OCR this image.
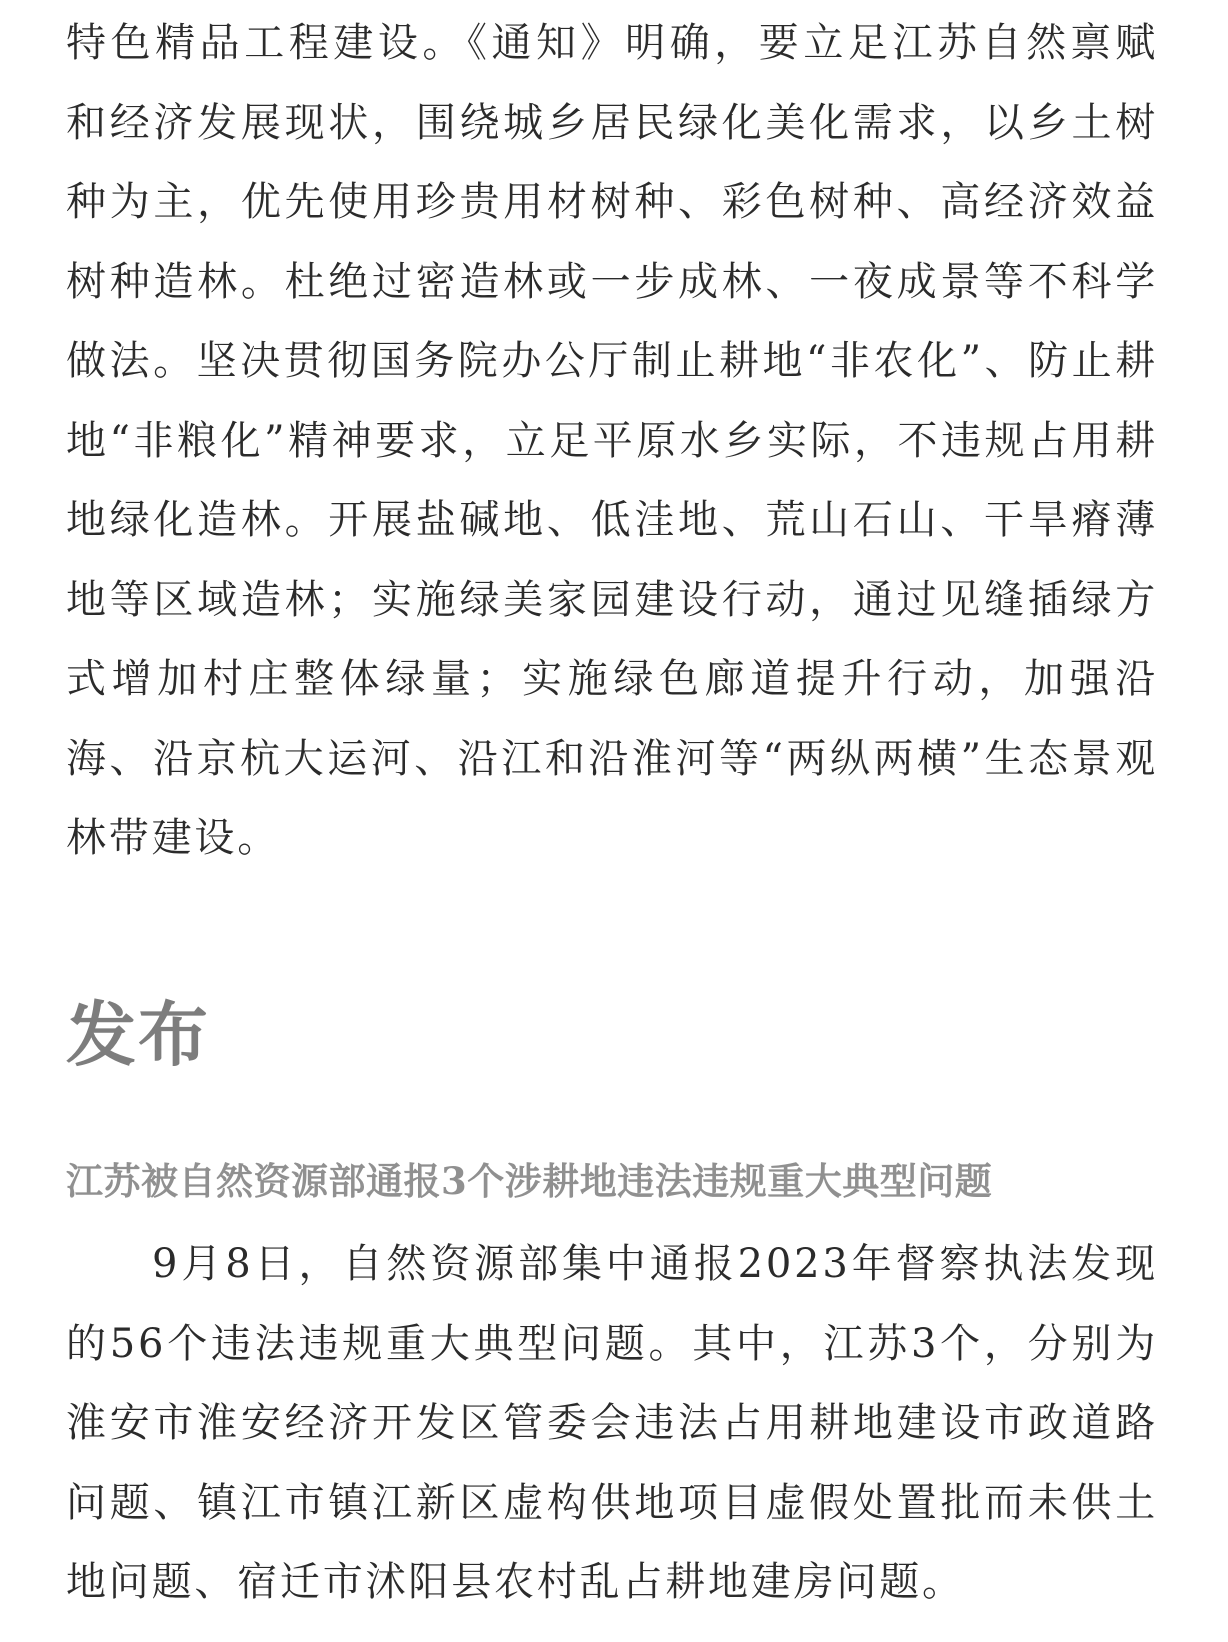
特色精品工程建设。《通知》明确，要立足江苏自然禀赋和经济发展现状，围绕城乡居民绿化美化需求，以乡土树种为主，优先使用珍贵用材树种、彩色树种、高经济效益树种造林。杜绝过密造林或一步成林、一夜成景等不科学做法。坚决贯彻国务院办公厅制止耕地“非农化”、防止耕地“非粮化”精神要求，立足平原水乡实际，不违规占用耕地绿化造林。开展盐碱地、低洼地、荒山石山、干旱瘠薄地等区域造林；实施绿美家园建设行动，通过见缝插绿方式增加村庄整体绿量；实施绿色廊道提升行动，加强沿海、沿京杭大运河、沿江和沿淮河等“两纵两横”生态景观林带建设。

发布
江苏被自然资源部通报3个涉耕地违法违规重大典型问题

9月8日，自然资源部集中通报2023年督察执法发现的56个违法违规重大典型问题。其中，江苏3个，分别为淮安市淮安经济开发区管委会违法占用耕地建设市政道路问题、镇江市镇江新区虚构供地项目虚假处置批而未供土地问题、宿迁市沭阳县农村乱占耕地建房问题。
